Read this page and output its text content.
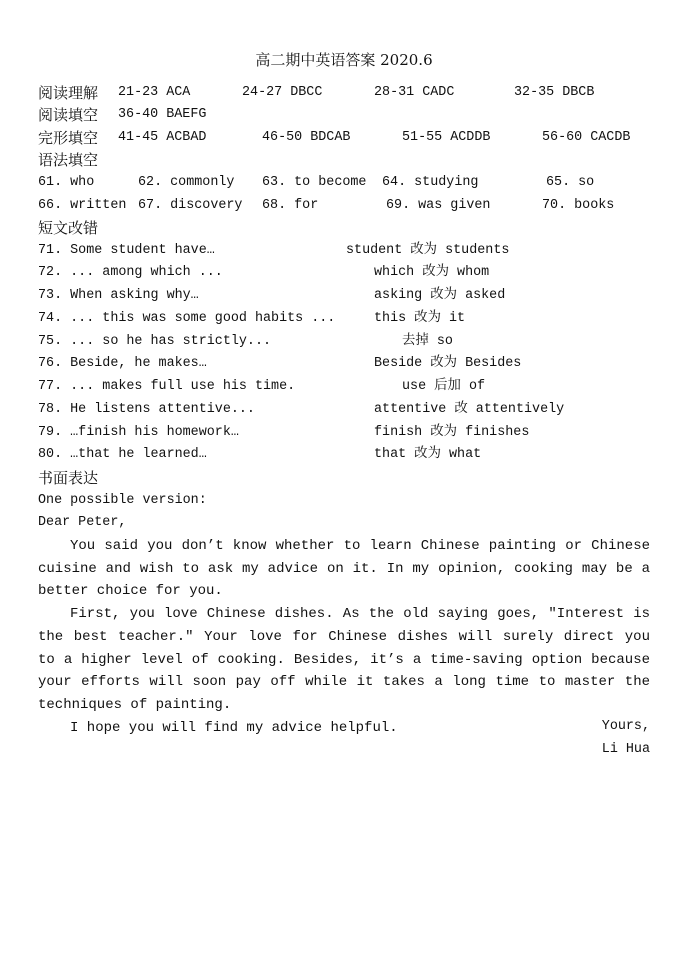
高二期中英语答案 2020.6
阅读理解 21-23 ACA	24-27 DBCC	28-31 CADC	32-35 DBCB
阅读填空 36-40 BAEFG
完形填空 41-45 ACBAD	46-50 BDCAB	51-55 ACDDB	56-60 CACDB
语法填空
61. who	62. commonly 63. to become 64. studying	65. so
66. written 67. discovery 68. for	69. was given	70. books
短文改错
71. Some student have…	student 改为 students
72. ... among which ...	which 改为 whom
73. When asking why…	asking 改为 asked
74. ... this was some good habits ...	this 改为 it
75. ... so he has strictly...	去掉 so
76. Beside, he makes…	Beside 改为 Besides
77. ... makes full use his time.	use 后加 of
78. He listens attentive...	attentive 改 attentively
79. …finish his homework…	finish 改为 finishes
80. …that he learned…	that 改为 what
书面表达
One possible version:
Dear Peter,

You said you don’t know whether to learn Chinese painting or Chinese cuisine and wish to ask my advice on it. In my opinion, cooking may be a better choice for you.

First, you love Chinese dishes. As the old saying goes, "Interest is the best teacher." Your love for Chinese dishes will surely direct you to a higher level of cooking. Besides, it’s a time-saving option because your efforts will soon pay off while it takes a long time to master the techniques of painting.

I hope you will find my advice helpful.	Yours,
Li Hua
